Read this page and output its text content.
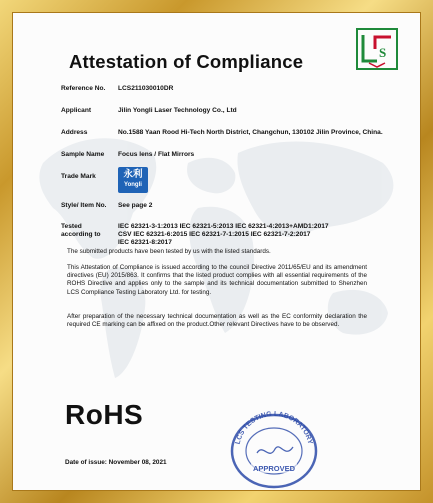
Attestation of Compliance	S
Reference No. LCS211030010DR
Applicant	Jilin Yongli Laser Technology Co., Ltd
Address	No.1588 Yaan Rood Hi-Tech North District, Changchun, 130102 Jilin Province, China.
Sample Name Focus lens / Flat Mirrors
Trade Mark	永利
Yongli
Style/ Item No. See page 2
Tested
according to
IEC 62321-3-1:2013 IEC 62321-5:2013 IEC 62321-4:2013+AMD1:2017
CSV IEC 62321-6:2015 IEC 62321-7-1:2015 IEC 62321-7-2:2017
IEC 62321-8:2017
The submitted products have been tested by us with the listed standards.
This Attestation of Compliance is issued according to the council Directive 2011/65/EU and its amendment directives (EU) 2015/863. It confirms that the listed product complies with all essential requirements of the ROHS Directive and applies only to the sample and its technical documentation submitted to Shenzhen LCS Compliance Testing Laboratory Ltd. for testing.
After preparation of the necessary technical documentation as well as the EC conformity declaration the required CE marking can be affixed on the product.Other relevant Directives have to be observed.
RoHS
Date of issue: November 08, 2021
LCS TESTING LABORATORY
APPROVED
